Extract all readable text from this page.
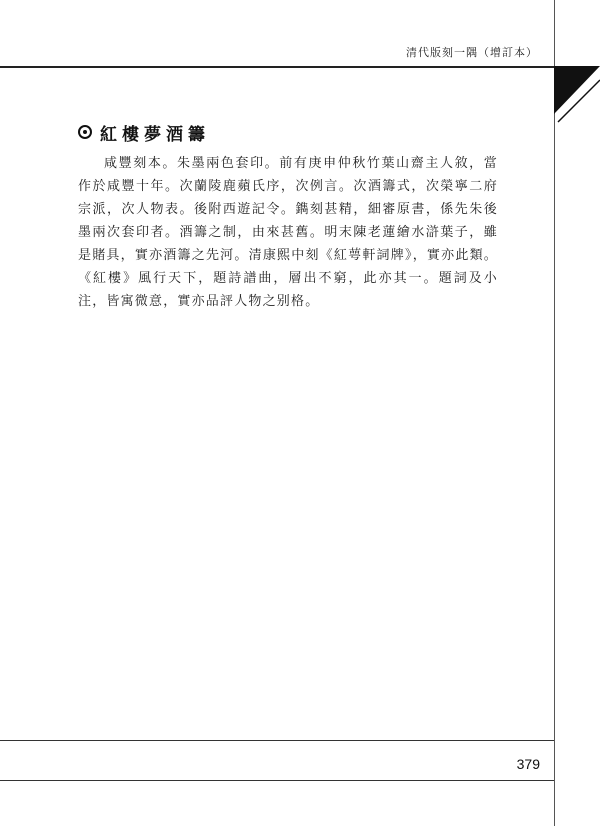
清代版刻一隅（增訂本）
紅樓夢酒籌

咸豐刻本。朱墨兩色套印。前有庚申仲秋竹葉山齋主人敘，當作於咸豐十年。次蘭陵鹿蘋氏序，次例言。次酒籌式，次榮寧二府宗派，次人物表。後附西遊記令。鐫刻甚精，細審原書，係先朱後墨兩次套印者。酒籌之制，由來甚舊。明末陳老蓮繪水滸葉子，雖是賭具，實亦酒籌之先河。清康熙中刻《紅萼軒詞牌》，實亦此類。《紅樓》風行天下，題詩譜曲，層出不窮，此亦其一。題詞及小注，皆寓微意，實亦品評人物之别格。

379
